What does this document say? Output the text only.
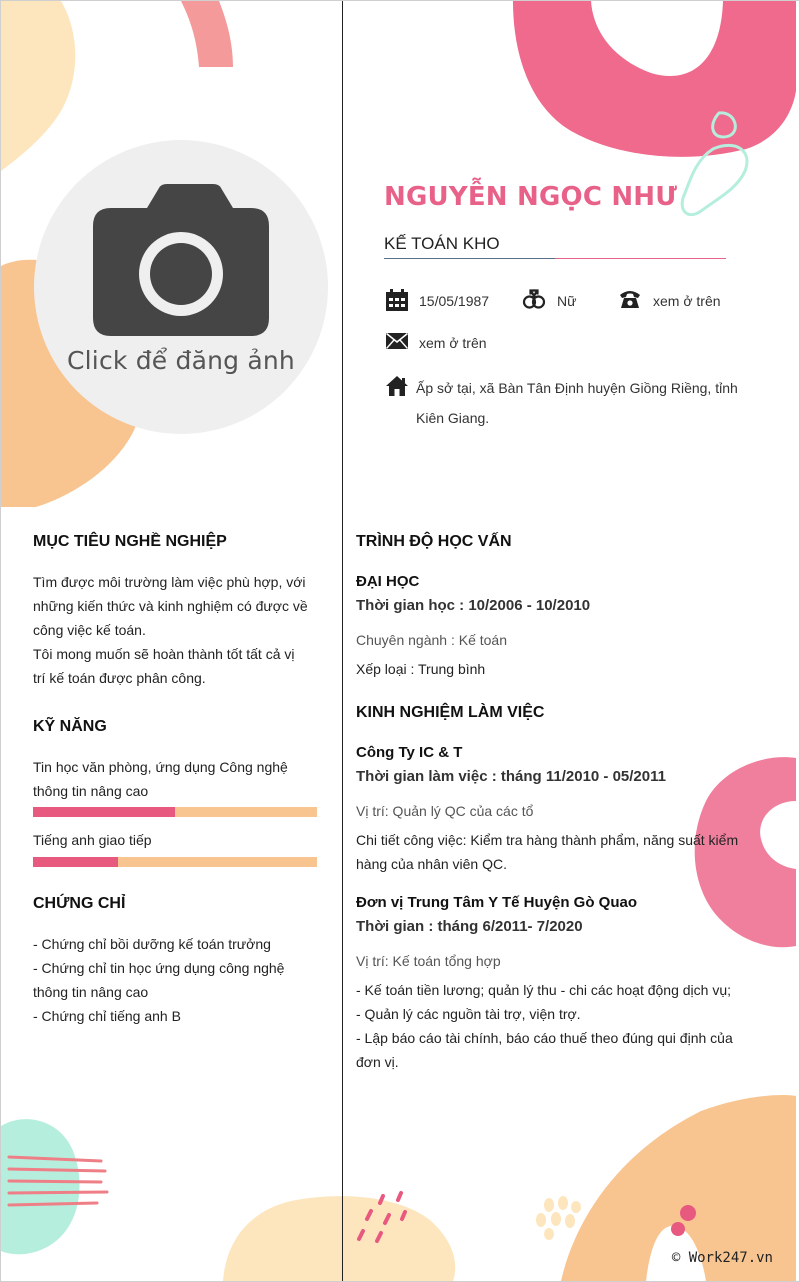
Click để đăng ảnh
NGUYỄN NGỌC NHƯ
KẾ TOÁN KHO
15/05/1987	Nữ	xem ở trên
xem ở trên
Ấp sở tại, xã Bàn Tân Định huyện Giồng Riềng, tỉnh
Kiên Giang.
MỤC TIÊU NGHỀ NGHIỆP
Tìm được môi trường làm việc phù hợp, với
những kiến thức và kinh nghiệm có được về
công việc kế toán.
Tôi mong muốn sẽ hoàn thành tốt tất cả vị
trí kế toán được phân công.
KỸ NĂNG
Tin học văn phòng, ứng dụng Công nghệ
thông tin nâng cao
Tiếng anh giao tiếp
CHỨNG CHỈ
- Chứng chỉ bồi dưỡng kế toán trưởng
- Chứng chỉ tin học ứng dụng công nghệ
thông tin nâng cao
- Chứng chỉ tiếng anh B
TRÌNH ĐỘ HỌC VẤN
ĐẠI HỌC
Thời gian học : 10/2006 - 10/2010
Chuyên ngành : Kế toán
Xếp loại : Trung bình
KINH NGHIỆM LÀM VIỆC
Công Ty IC & T
Thời gian làm việc : tháng 11/2010 - 05/2011
Vị trí: Quản lý QC của các tổ
Chi tiết công việc: Kiểm tra hàng thành phẩm, năng suất kiểm
hàng của nhân viên QC.
Đơn vị Trung Tâm Y Tế Huyện Gò Quao
Thời gian : tháng 6/2011- 7/2020
Vị trí: Kế toán tổng hợp
- Kế toán tiền lương; quản lý thu - chi các hoạt động dịch vụ;
- Quản lý các nguồn tài trợ, viện trợ.
- Lập báo cáo tài chính, báo cáo thuế theo đúng qui định của
đơn vị.
© Work247.vn
